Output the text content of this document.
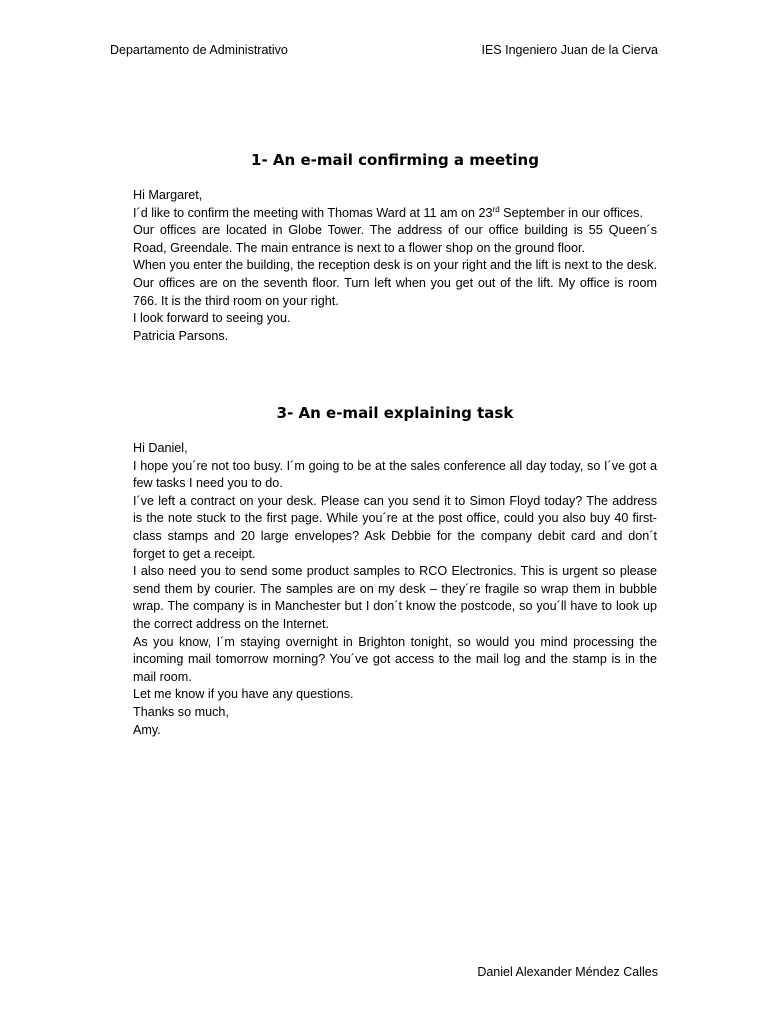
Departamento de Administrativo	IES Ingeniero Juan de la Cierva
1- An e-mail confirming a meeting

Hi Margaret,

I´d like to confirm the meeting with Thomas Ward at 11 am on 23rd September in our offices.

Our offices are located in Globe Tower. The address of our office building is 55 Queen´s Road, Greendale. The main entrance is next to a flower shop on the ground floor.

When you enter the building, the reception desk is on your right and the lift is next to the desk. Our offices are on the seventh floor. Turn left when you get out of the lift. My office is room 766. It is the third room on your right.

I look forward to seeing you.

Patricia Parsons.

3- An e-mail explaining task

Hi Daniel,

I hope you´re not too busy. I´m going to be at the sales conference all day today, so I´ve got a few tasks I need you to do.

I´ve left a contract on your desk. Please can you send it to Simon Floyd today? The address is the note stuck to the first page. While you´re at the post office, could you also buy 40 first-class stamps and 20 large envelopes? Ask Debbie for the company debit card and don´t forget to get a receipt.

I also need you to send some product samples to RCO Electronics. This is urgent so please send them by courier. The samples are on my desk – they´re fragile so wrap them in bubble wrap. The company is in Manchester but I don´t know the postcode, so you´ll have to look up the correct address on the Internet.

As you know, I´m staying overnight in Brighton tonight, so would you mind processing the incoming mail tomorrow morning? You´ve got access to the mail log and the stamp is in the mail room.

Let me know if you have any questions.

Thanks so much,

Amy.

Daniel Alexander Méndez Calles
